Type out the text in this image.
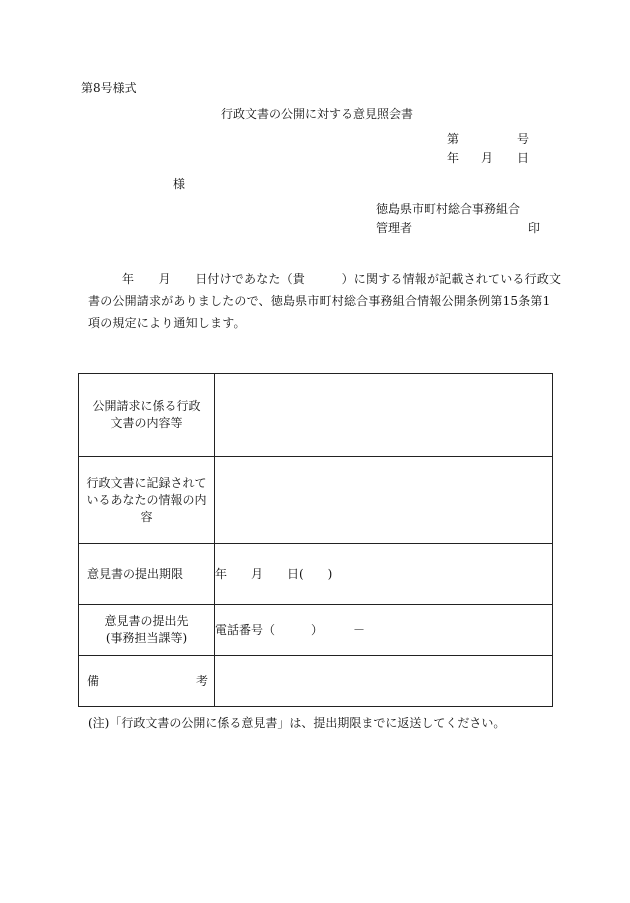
第8号様式
行政文書の公開に対する意見照会書
第	号
年 月 日
様
徳島県市町村総合事務組合
管理者	印
年　　月　　日付けであなた（貴　　　）に関する情報が記載されている行政文
書の公開請求がありましたので、徳島県市町村総合事務組合情報公開条例第15条第1項の規定により通知します。
公開請求に係る行政文書の内容等	
行政文書に記録されているあなたの情報の内容	
意見書の提出期限	年　　月　　日(　　)

意見書の提出先
(事務担当課等)	電話番号（　　　）　　　－

備 考	

(注)「行政文書の公開に係る意見書」は、提出期限までに返送してください。
